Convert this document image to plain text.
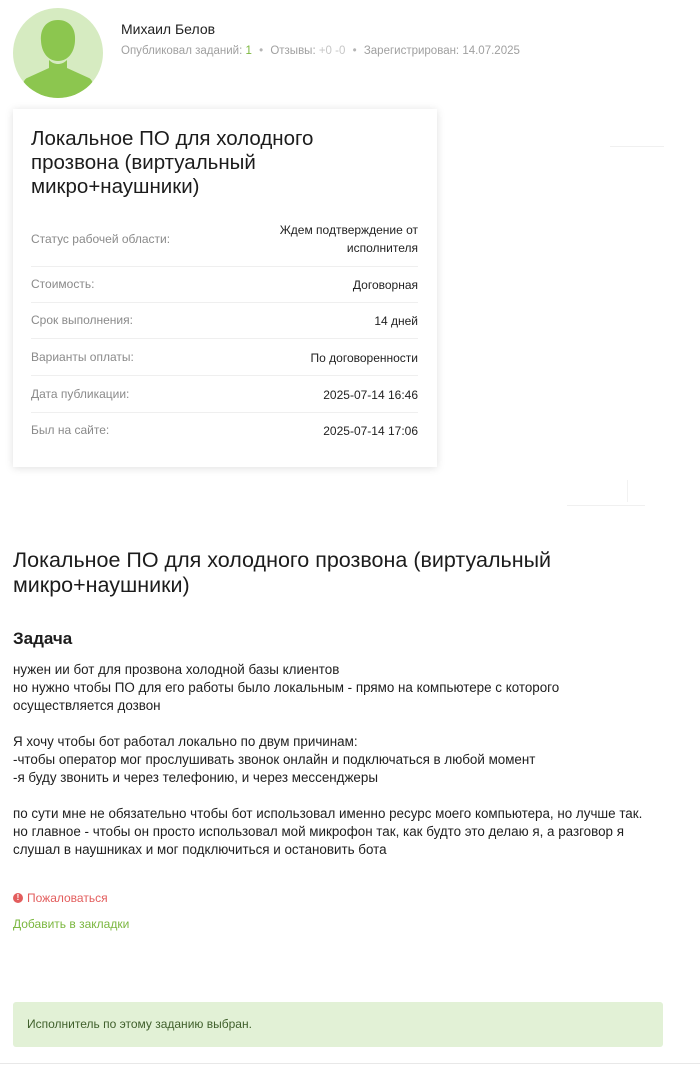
Михаил Белов
Опубликовал заданий: 1 • Отзывы: +0 -0 • Зарегистрирован: 14.07.2025
Локальное ПО для холодного прозвона (виртуальный микро+наушники)
Статус рабочей области:
Ждем подтверждение от исполнителя
Стоимость:	Договорная
Срок выполнения:	14 дней
Варианты оплаты:	По договоренности
Дата публикации:	2025-07-14 16:46
Был на сайте:	2025-07-14 17:06
Локальное ПО для холодного прозвона (виртуальный микро+наушники)
Задача
нужен ии бот для прозвона холодной базы клиентов
но нужно чтобы ПО для его работы было локальным - прямо на компьютере с которого осуществляется дозвон

Я хочу чтобы бот работал локально по двум причинам:
-чтобы оператор мог прослушивать звонок онлайн и подключаться в любой момент
-я буду звонить и через телефонию, и через мессенджеры

по сути мне не обязательно чтобы бот использовал именно ресурс моего компьютера, но лучше так. но главное - чтобы он просто использовал мой микрофон так, как будто это делаю я, а разговор я слушал в наушниках и мог подключиться и остановить бота
! Пожаловаться
Добавить в закладки
Исполнитель по этому заданию выбран.
